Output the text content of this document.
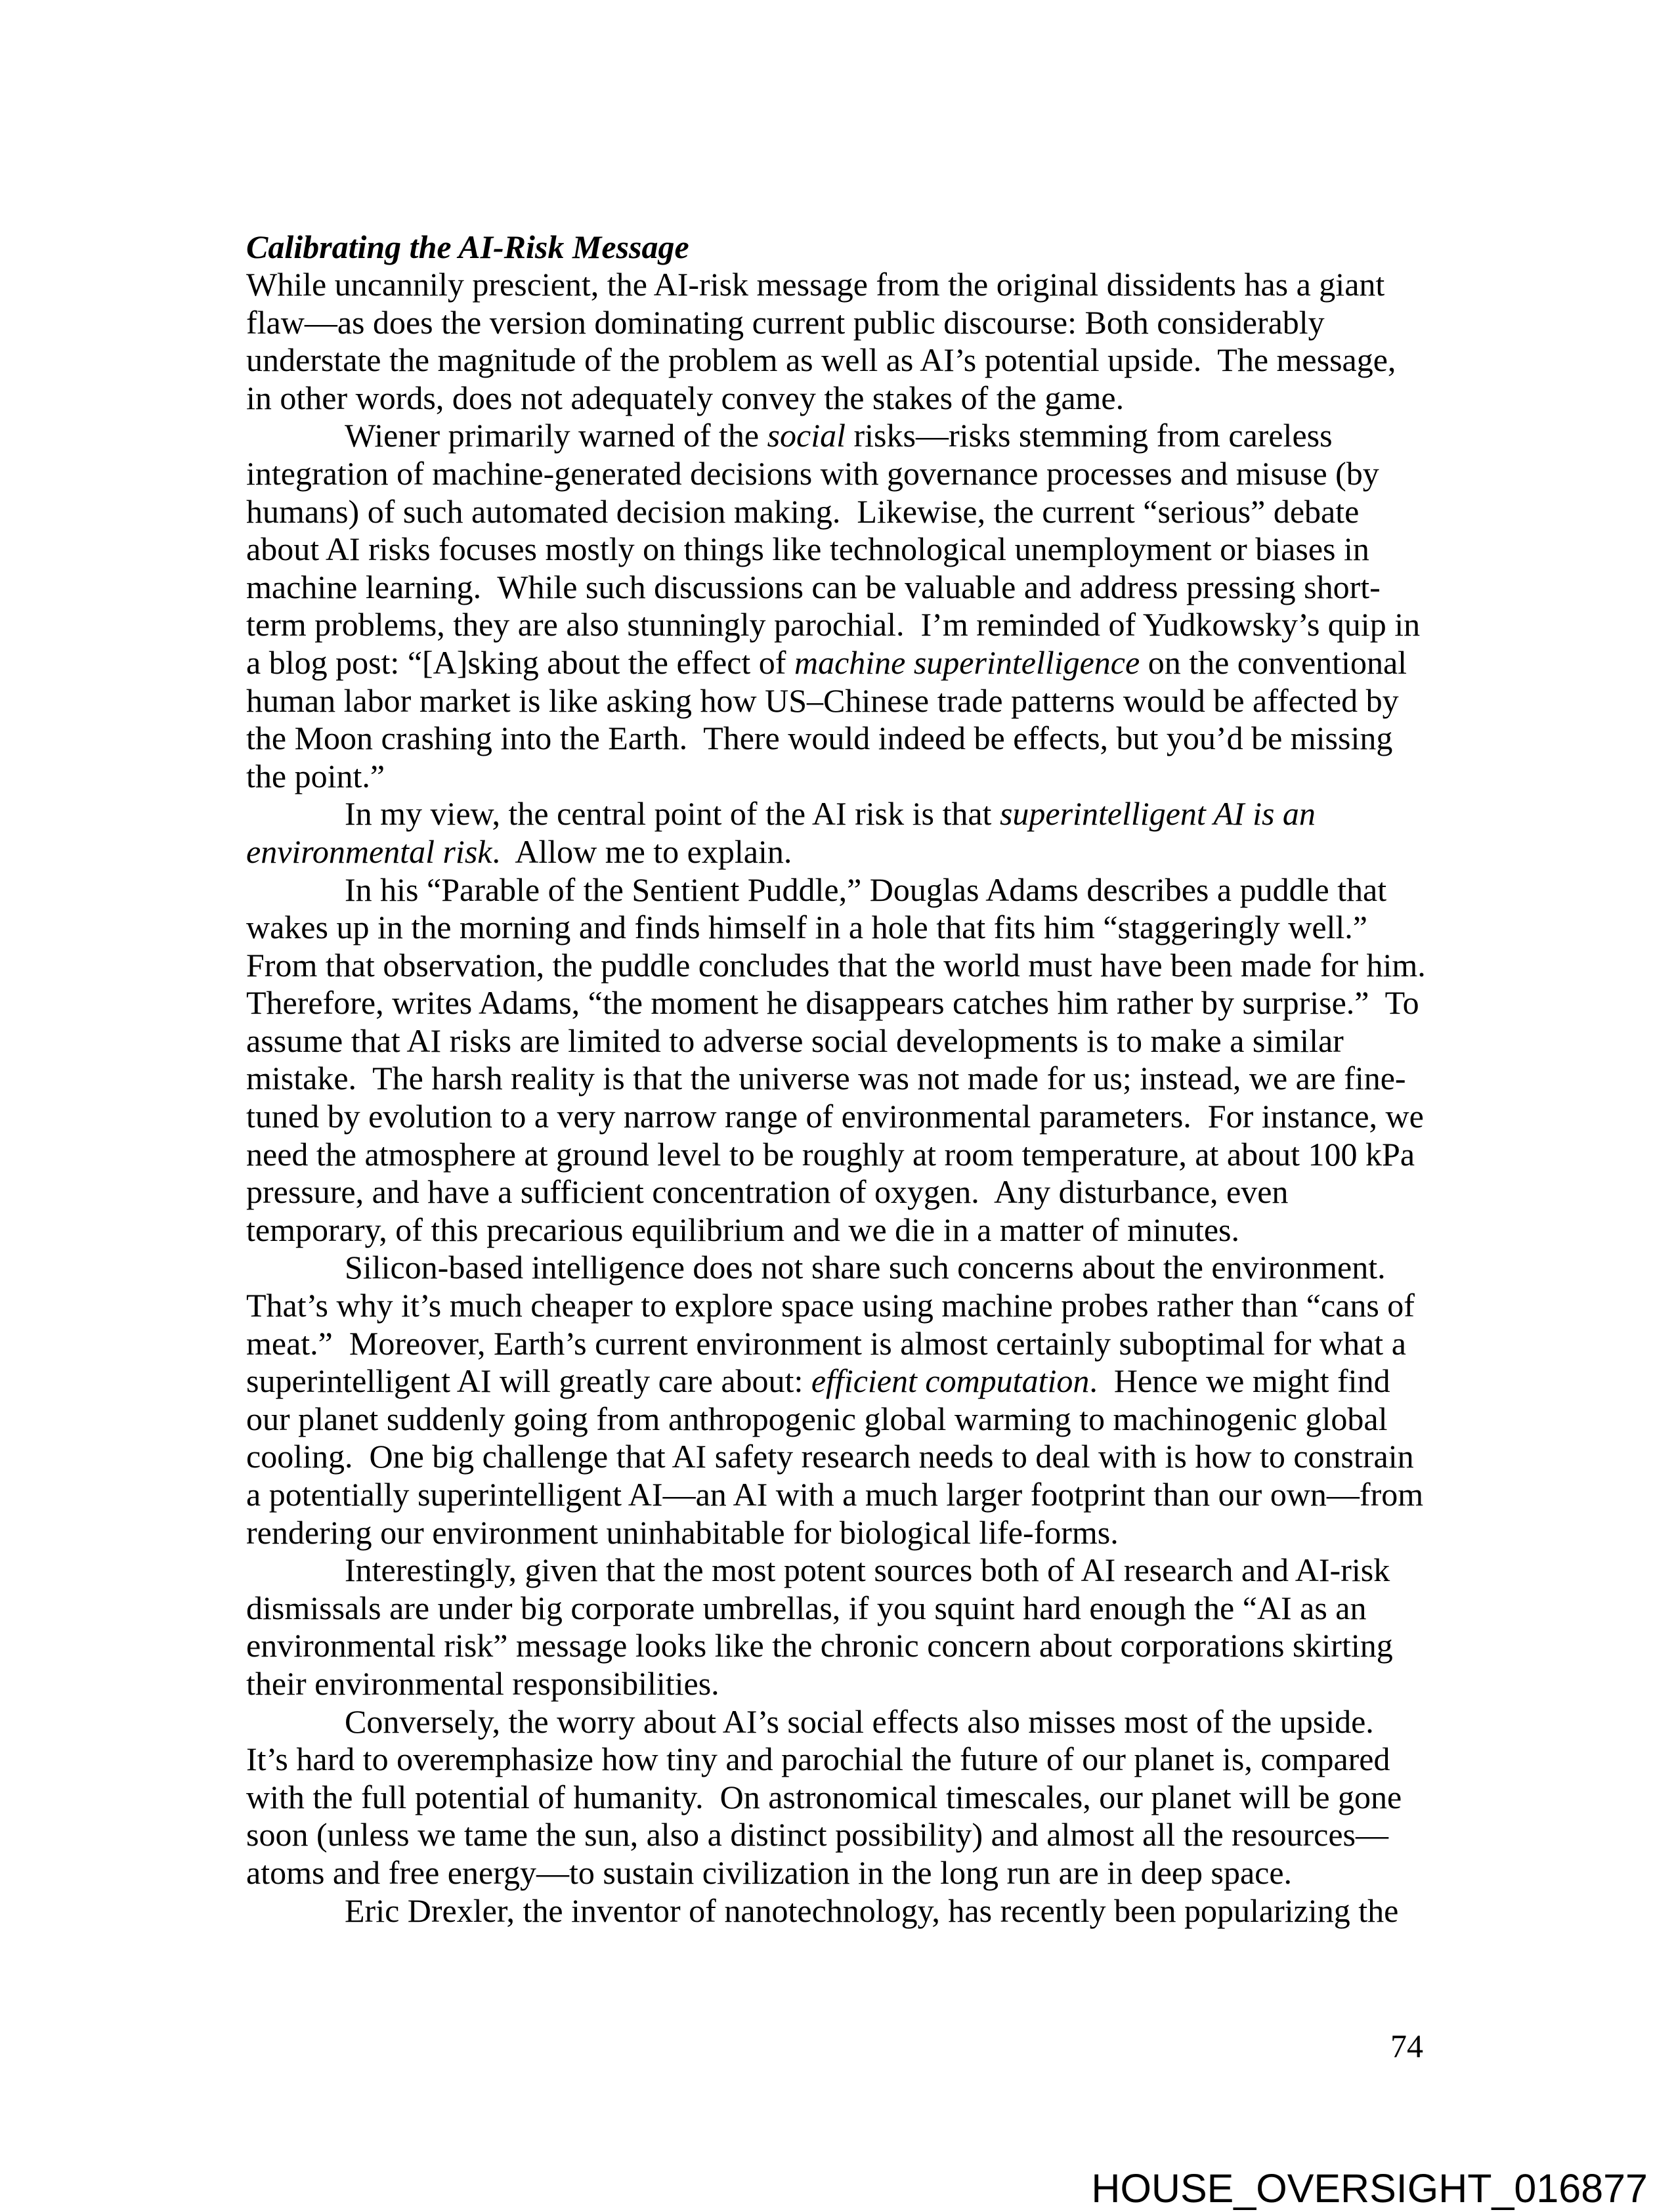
Calibrating the AI-Risk Message
While uncannily prescient, the AI-risk message from the original dissidents has a giant
flaw—as does the version dominating current public discourse: Both considerably
understate the magnitude of the problem as well as AI’s potential upside.  The message,
in other words, does not adequately convey the stakes of the game.
Wiener primarily warned of the social risks—risks stemming from careless
integration of machine-generated decisions with governance processes and misuse (by
humans) of such automated decision making.  Likewise, the current “serious” debate
about AI risks focuses mostly on things like technological unemployment or biases in
machine learning.  While such discussions can be valuable and address pressing short-
term problems, they are also stunningly parochial.  I’m reminded of Yudkowsky’s quip in
a blog post: “[A]sking about the effect of machine superintelligence on the conventional
human labor market is like asking how US–Chinese trade patterns would be affected by
the Moon crashing into the Earth.  There would indeed be effects, but you’d be missing
the point.”
In my view, the central point of the AI risk is that superintelligent AI is an
environmental risk.  Allow me to explain.
In his “Parable of the Sentient Puddle,” Douglas Adams describes a puddle that
wakes up in the morning and finds himself in a hole that fits him “staggeringly well.”
From that observation, the puddle concludes that the world must have been made for him.
Therefore, writes Adams, “the moment he disappears catches him rather by surprise.”  To
assume that AI risks are limited to adverse social developments is to make a similar
mistake.  The harsh reality is that the universe was not made for us; instead, we are fine-
tuned by evolution to a very narrow range of environmental parameters.  For instance, we
need the atmosphere at ground level to be roughly at room temperature, at about 100 kPa
pressure, and have a sufficient concentration of oxygen.  Any disturbance, even
temporary, of this precarious equilibrium and we die in a matter of minutes.
Silicon-based intelligence does not share such concerns about the environment.
That’s why it’s much cheaper to explore space using machine probes rather than “cans of
meat.”  Moreover, Earth’s current environment is almost certainly suboptimal for what a
superintelligent AI will greatly care about: efficient computation.  Hence we might find
our planet suddenly going from anthropogenic global warming to machinogenic global
cooling.  One big challenge that AI safety research needs to deal with is how to constrain
a potentially superintelligent AI—an AI with a much larger footprint than our own—from
rendering our environment uninhabitable for biological life-forms.
Interestingly, given that the most potent sources both of AI research and AI-risk
dismissals are under big corporate umbrellas, if you squint hard enough the “AI as an
environmental risk” message looks like the chronic concern about corporations skirting
their environmental responsibilities.
Conversely, the worry about AI’s social effects also misses most of the upside.
It’s hard to overemphasize how tiny and parochial the future of our planet is, compared
with the full potential of humanity.  On astronomical timescales, our planet will be gone
soon (unless we tame the sun, also a distinct possibility) and almost all the resources—
atoms and free energy—to sustain civilization in the long run are in deep space.
Eric Drexler, the inventor of nanotechnology, has recently been popularizing the
74
HOUSE_OVERSIGHT_016877
